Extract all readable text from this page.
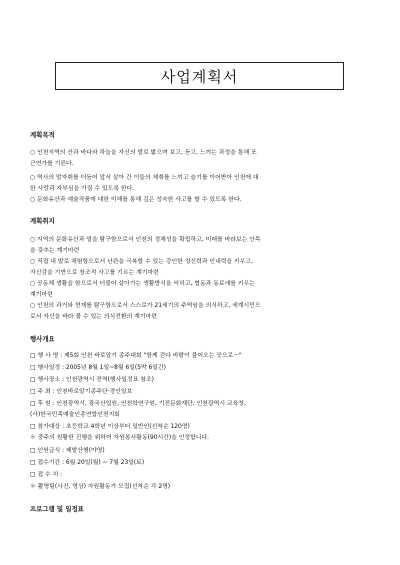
사업계획서
계획목적
○ 인천지역의 산과 바다와 하늘을 자신의 발로 밟으며 보고, 듣고, 느끼는 과정을 통해 포
근연가를 기른다.
○ 역사의 발자취를 더듬어 앞서 살아 간 이들의 체취를 느끼고 슬기를 이어받아 인천에 대
한 사랑과 자부심을 가질 수 있도록 한다.
○ 문화유산과 예술작품에 대한 이해를 통해 깊은 성숙한 사고를 할 수 있도록 한다.
계획취지
○ 지역의 문화유산과 얼을 탐구함으로서 인천의 정체성을 확립하고, 미래를 바라보는 안목
을 갖추는 계기마련
○ 직접 내 발로 체험함으로서 난관을 극복할 수 있는 강인한 정신력과 인내력을 키우고,
자신감을 기반으로 창조적 사고를 기르는 계기마련
○ 공동체 생활을 함으로서 더불어 살아가는 생활방식을 익히고, 협동과 동료애를 키우는
계기마련
○ 인천의 과거와 현재를 탐구함으로서 스스로가 21세기의 주역임을 의식하고, 세계시민으
로서 자신을 바라 볼 수 있는 의식전환의 계기마련
행사개요
□ 행 사 명 : 제5회 인천 바로알기 종주대회 "함께 걷다 바람이 불어오는 곳으로···"
□ 행사일정 : 2005년 8월 1일~8월 6일(5박 6일간)
□ 행사장소 : 인천광역시 전역(행사일정표 참조)
□ 주 최 : 인천바로알기종주단·경인일보
□ 후 원 : 인천광역시, 광국산업원, 인천학연구원, 기전문화재단, 인천광역시 교육청,
(사)한국민족예술인총연합인천지회
□ 참가대상 : 초등학교 4학년 이상부터 일반인(선착순 120명)
＊ 중주의 원활한 진행을 위하여 자원봉사활동(90시간)을 인정합니다.
□ 인원급식 : 제발산행(야영)
□ 접수기간 : 6월 20일(월) ~ 7월 23일(토)
□ 접 수 처 :
＊ 촬영팀(사진, 영상) 자원활동가 모집(선착순 각 2명)
프로그램 및 일정표
